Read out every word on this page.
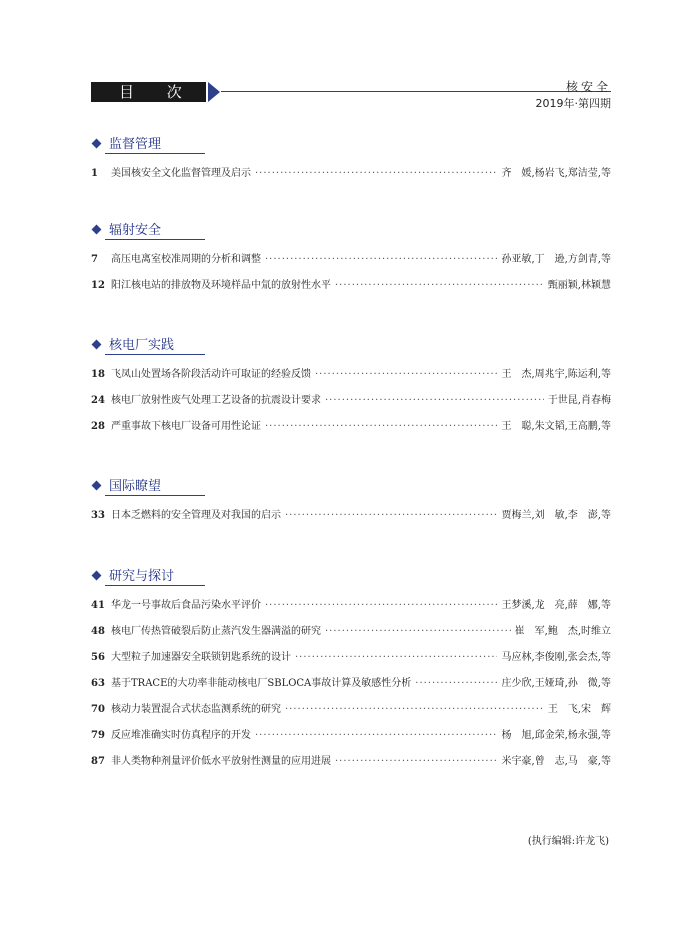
目 次	核安全
2019年·第四期
监督管理
1	美国核安全文化监督管理及启示 ·····	齐　媛,杨岩飞,郑洁莹,等
辐射安全
7	高压电离室校准周期的分析和调整 ·····	孙亚敏,丁　逊,方剑青,等
12 阳江核电站的排放物及环境样品中氚的放射性水平 ·····	甄丽颖,林颖慧
核电厂实践
18 飞凤山处置场各阶段活动许可取证的经验反馈 ·····	王　杰,周兆宇,陈运利,等
24 核电厂放射性废气处理工艺设备的抗震设计要求 ·····	于世昆,肖春梅
28 严重事故下核电厂设备可用性论证 ·····	王　聪,朱文韬,王高鹏,等
国际瞭望
33 日本乏燃料的安全管理及对我国的启示 ·····	贾梅兰,刘　敏,李　澎,等
研究与探讨
41 华龙一号事故后食品污染水平评价 ·····	王梦溪,龙　亮,薛　娜,等
48 核电厂传热管破裂后防止蒸汽发生器满溢的研究 ·····	崔　军,鲍　杰,时维立
56 大型粒子加速器安全联锁钥匙系统的设计 ·····	马应林,李俊刚,张会杰,等
63 基于TRACE的大功率非能动核电厂SBLOCA事故计算及敏感性分析 ·····	庄少欣,王娅琦,孙　微,等
70 核动力装置混合式状态监测系统的研究 ·····	王　飞,宋　辉
79 反应堆准确实时仿真程序的开发 ·····	杨　旭,邱金荣,杨永强,等
87 非人类物种剂量评价低水平放射性测量的应用进展 ·····	米宇豪,曾　志,马　豪,等
(执行编辑:许龙飞)
